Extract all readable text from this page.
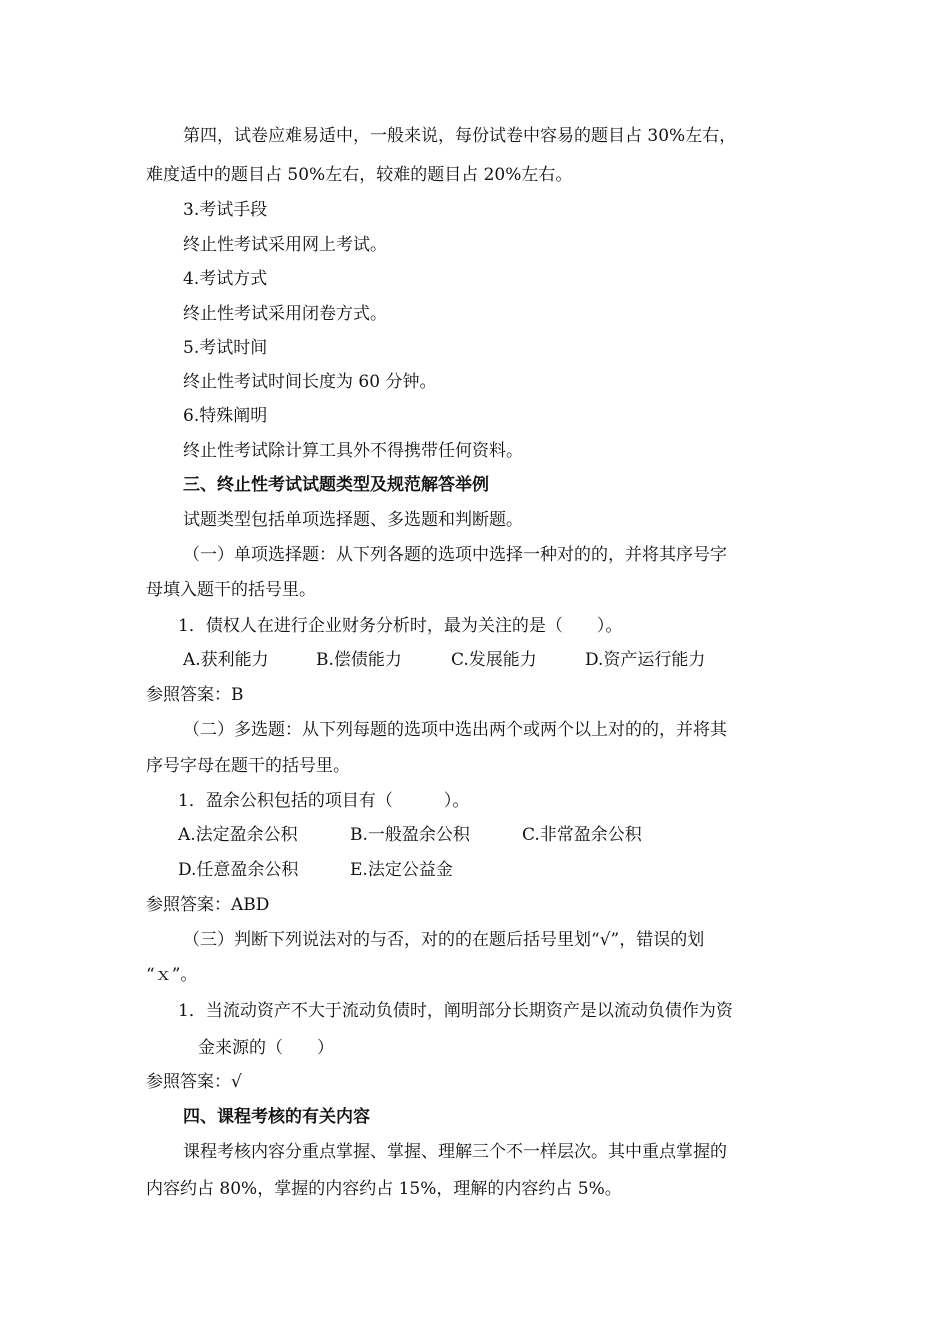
第四，试卷应难易适中，一般来说，每份试卷中容易的题目占 30%左右，
难度适中的题目占 50%左右，较难的题目占 20%左右。
3.考试手段
终止性考试采用网上考试。
4.考试方式
终止性考试采用闭卷方式。
5.考试时间
终止性考试时间长度为 60 分钟。
6.特殊阐明
终止性考试除计算工具外不得携带任何资料。
三、终止性考试试题类型及规范解答举例
试题类型包括单项选择题、多选题和判断题。
（一）单项选择题：从下列各题的选项中选择一种对的的，并将其序号字
母填入题干的括号里。
1．债权人在进行企业财务分析时，最为关注的是（　　）。
A.获利能力	B.偿债能力	C.发展能力	D.资产运行能力
参照答案：B
（二）多选题：从下列每题的选项中选出两个或两个以上对的的，并将其
序号字母在题干的括号里。
1．盈余公积包括的项目有（　　　）。
A.法定盈余公积	B.一般盈余公积	C.非常盈余公积
D.任意盈余公积	E.法定公益金
参照答案：ABD
（三）判断下列说法对的与否，对的的在题后括号里划“√”，错误的划
“ｘ”。
1．当流动资产不大于流动负债时，阐明部分长期资产是以流动负债作为资
金来源的（　　）
参照答案：√
四、课程考核的有关内容
课程考核内容分重点掌握、掌握、理解三个不一样层次。其中重点掌握的
内容约占 80%，掌握的内容约占 15%，理解的内容约占 5%。
